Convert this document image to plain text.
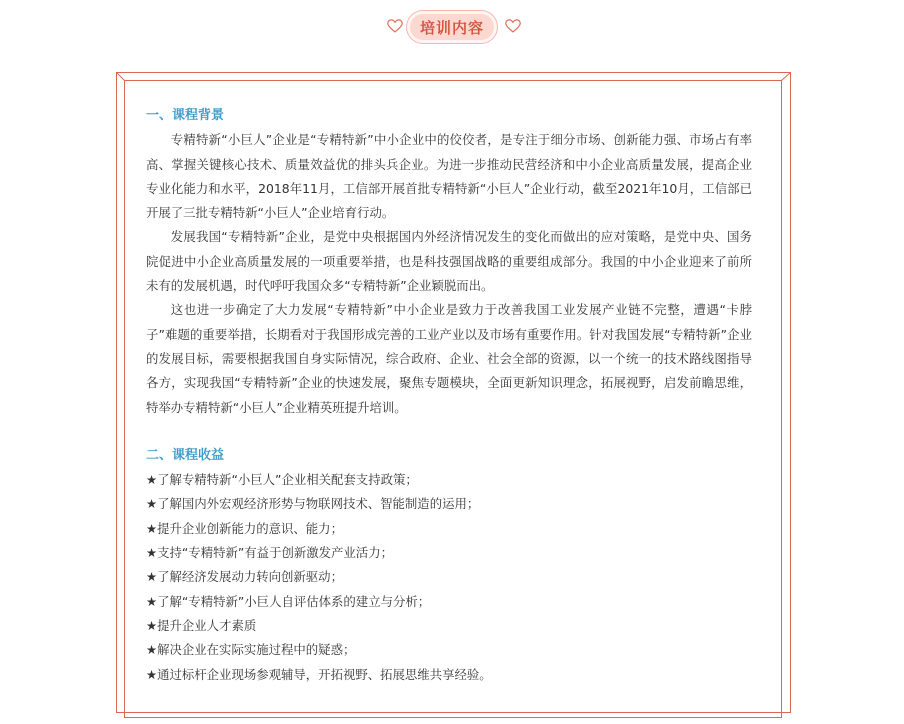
培训内容
一、课程背景

专精特新“小巨人”企业是“专精特新”中小企业中的佼佼者，是专注于细分市场、创新能力强、市场占有率高、掌握关键核心技术、质量效益优的排头兵企业。为进一步推动民营经济和中小企业高质量发展，提高企业专业化能力和水平，2018年11月，工信部开展首批专精特新“小巨人”企业行动，截至2021年10月，工信部已开展了三批专精特新“小巨人”企业培育行动。

发展我国“专精特新”企业，是党中央根据国内外经济情况发生的变化而做出的应对策略，是党中央、国务院促进中小企业高质量发展的一项重要举措，也是科技强国战略的重要组成部分。我国的中小企业迎来了前所未有的发展机遇，时代呼吁我国众多“专精特新”企业颖脱而出。

这也进一步确定了大力发展“专精特新”中小企业是致力于改善我国工业发展产业链不完整，遭遇“卡脖子”难题的重要举措，长期看对于我国形成完善的工业产业以及市场有重要作用。针对我国发展“专精特新”企业的发展目标，需要根据我国自身实际情况，综合政府、企业、社会全部的资源，以一个统一的技术路线图指导各方，实现我国“专精特新”企业的快速发展，聚焦专题模块，全面更新知识理念，拓展视野，启发前瞻思维，特举办专精特新“小巨人”企业精英班提升培训。

二、课程收益

★了解专精特新“小巨人”企业相关配套支持政策；

★了解国内外宏观经济形势与物联网技术、智能制造的运用；

★提升企业创新能力的意识、能力；

★支持“专精特新”有益于创新激发产业活力；

★了解经济发展动力转向创新驱动；

★了解“专精特新”小巨人自评估体系的建立与分析；

★提升企业人才素质

★解决企业在实际实施过程中的疑惑；

★通过标杆企业现场参观辅导，开拓视野、拓展思维共享经验。
